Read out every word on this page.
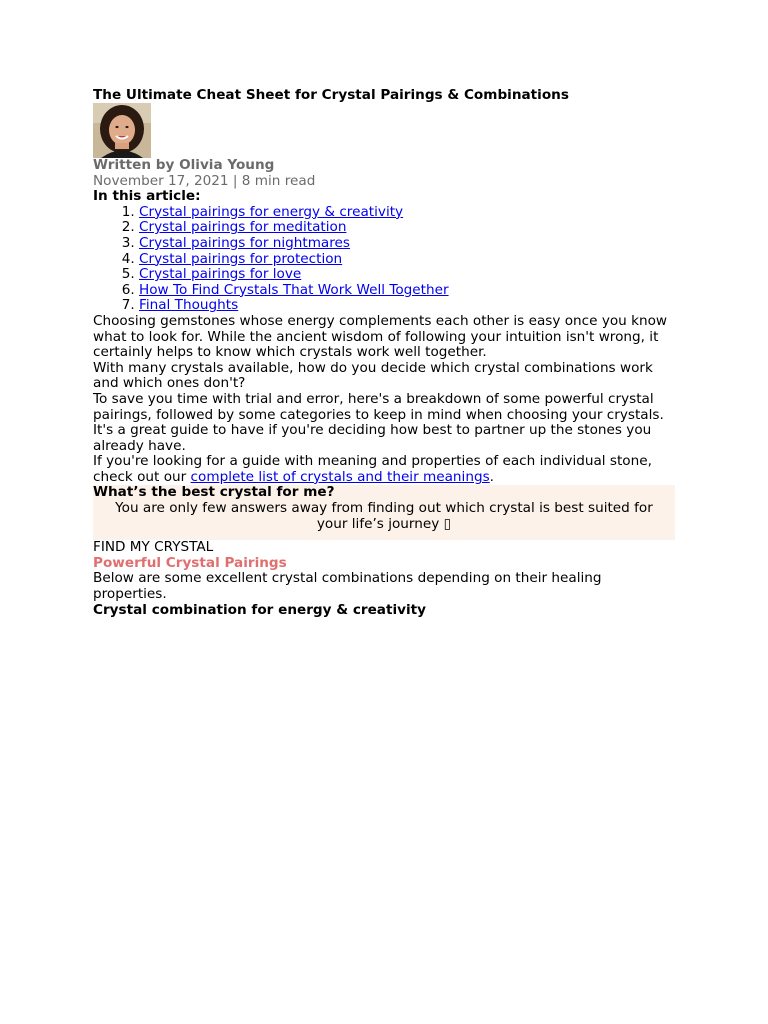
The Ultimate Cheat Sheet for Crystal Pairings & Combinations
Written by Olivia Young
November 17, 2021 | 8 min read
In this article:
1. Crystal pairings for energy & creativity
2. Crystal pairings for meditation
3. Crystal pairings for nightmares
4. Crystal pairings for protection
5. Crystal pairings for love
6. How To Find Crystals That Work Well Together
7. Final Thoughts

Choosing gemstones whose energy complements each other is easy once you know what to look for. While the ancient wisdom of following your intuition isn't wrong, it certainly helps to know which crystals work well together.

With many crystals available, how do you decide which crystal combinations work and which ones don't?

To save you time with trial and error, here's a breakdown of some powerful crystal pairings, followed by some categories to keep in mind when choosing your crystals. It's a great guide to have if you're deciding how best to partner up the stones you already have.

If you're looking for a guide with meaning and properties of each individual stone, check out our complete list of crystals and their meanings.

What’s the best crystal for me?
You are only few answers away from finding out which crystal is best suited for your life’s journey ▯
FIND MY CRYSTAL
Powerful Crystal Pairings

Below are some excellent crystal combinations depending on their healing properties.

Crystal combination for energy & creativity
